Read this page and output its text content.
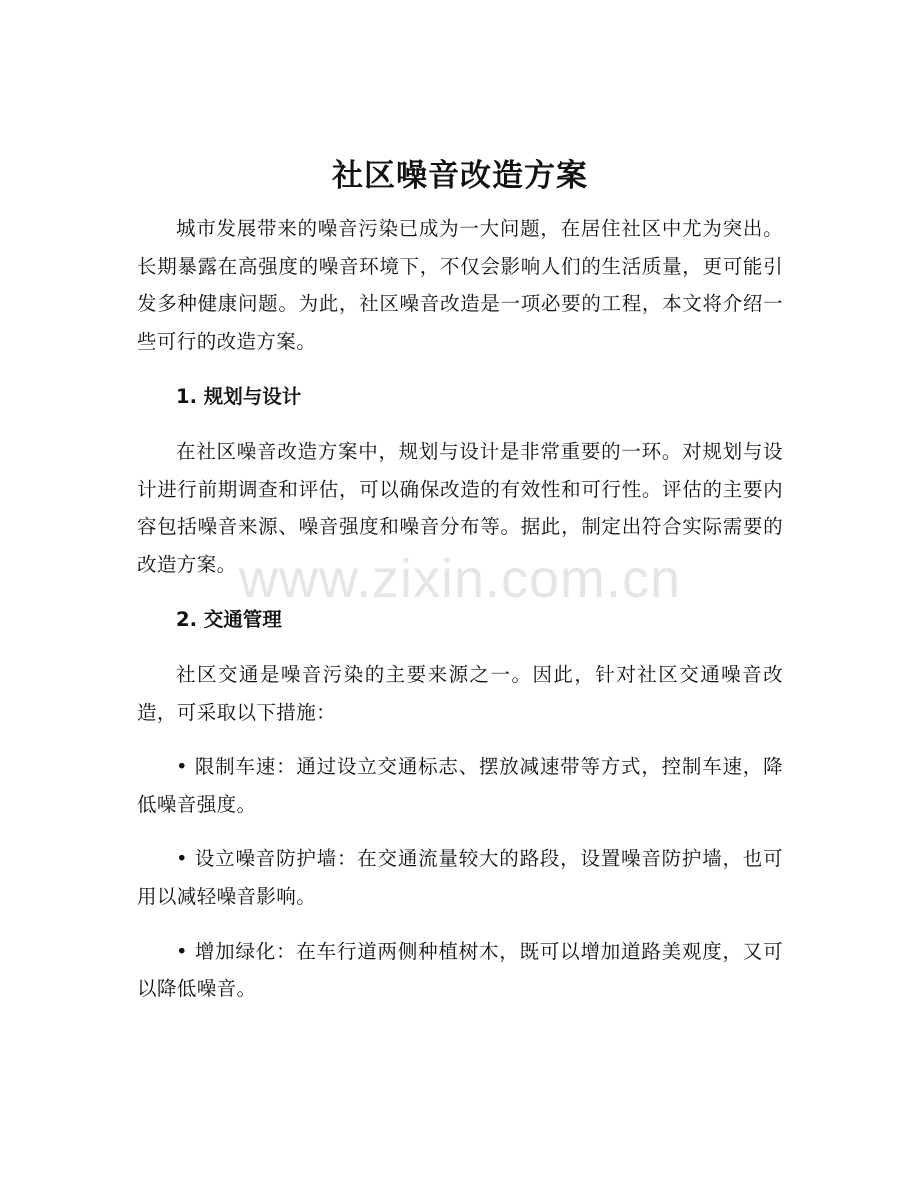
www.zixin.com.cn
社区噪音改造方案

城市发展带来的噪音污染已成为一大问题，在居住社区中尤为突出。长期暴露在高强度的噪音环境下，不仅会影响人们的生活质量，更可能引发多种健康问题。为此，社区噪音改造是一项必要的工程，本文将介绍一些可行的改造方案。

1. 规划与设计

在社区噪音改造方案中，规划与设计是非常重要的一环。对规划与设计进行前期调查和评估，可以确保改造的有效性和可行性。评估的主要内容包括噪音来源、噪音强度和噪音分布等。据此，制定出符合实际需要的改造方案。

2. 交通管理

社区交通是噪音污染的主要来源之一。因此，针对社区交通噪音改造，可采取以下措施：

• 限制车速：通过设立交通标志、摆放减速带等方式，控制车速，降低噪音强度。

• 设立噪音防护墙：在交通流量较大的路段，设置噪音防护墙，也可用以减轻噪音影响。

• 增加绿化：在车行道两侧种植树木，既可以增加道路美观度，又可以降低噪音。
